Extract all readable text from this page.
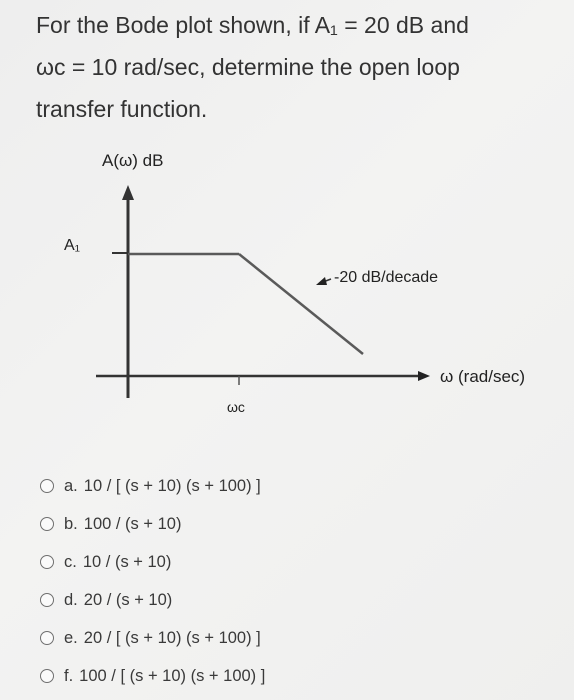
For the Bode plot shown, if A₁ = 20 dB and
ωc = 10 rad/sec, determine the open loop
transfer function.
A(ω) dB
ω (rad/sec)
ωc
A₁
-20 dB/decade
a. 10 / [ (s + 10) (s + 100) ]
b. 100 / (s + 10)
c. 10 / (s + 10)
d. 20 / (s + 10)
e. 20 / [ (s + 10) (s + 100) ]
f. 100 / [ (s + 10) (s + 100) ]
